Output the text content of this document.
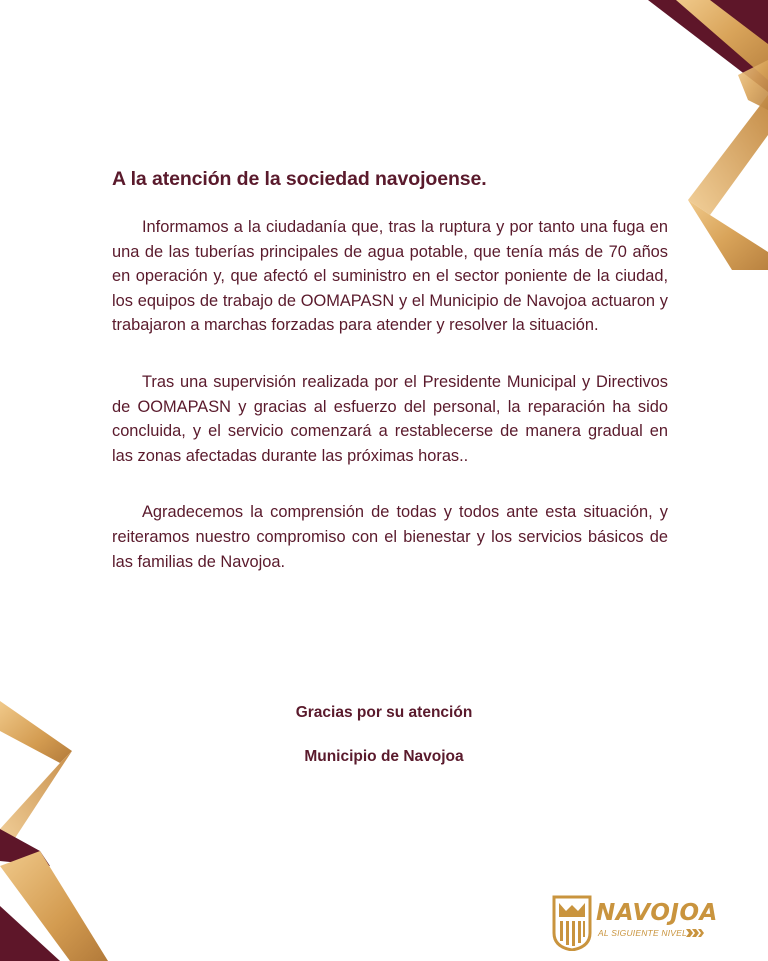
A la atención de la sociedad navojoense.

Informamos a la ciudadanía que, tras la ruptura y por tanto una fuga en una de las tuberías principales de agua potable, que tenía más de 70 años en operación y, que afectó el suministro en el sector poniente de la ciudad, los equipos de trabajo de OOMAPASN y el Municipio de Navojoa actuaron y trabajaron a marchas forzadas para atender y resolver la situación.

Tras una supervisión realizada por el Presidente Municipal y Directivos de OOMAPASN y gracias al esfuerzo del personal, la reparación ha sido concluida, y el servicio comenzará a restablecerse de manera gradual en las zonas afectadas durante las próximas horas..

Agradecemos la comprensión de todas y todos ante esta situación, y reiteramos nuestro compromiso con el bienestar y los servicios básicos de las familias de Navojoa.

Gracias por su atención
Municipio de Navojoa
NAVOJOA
AL SIGUIENTE NIVEL
